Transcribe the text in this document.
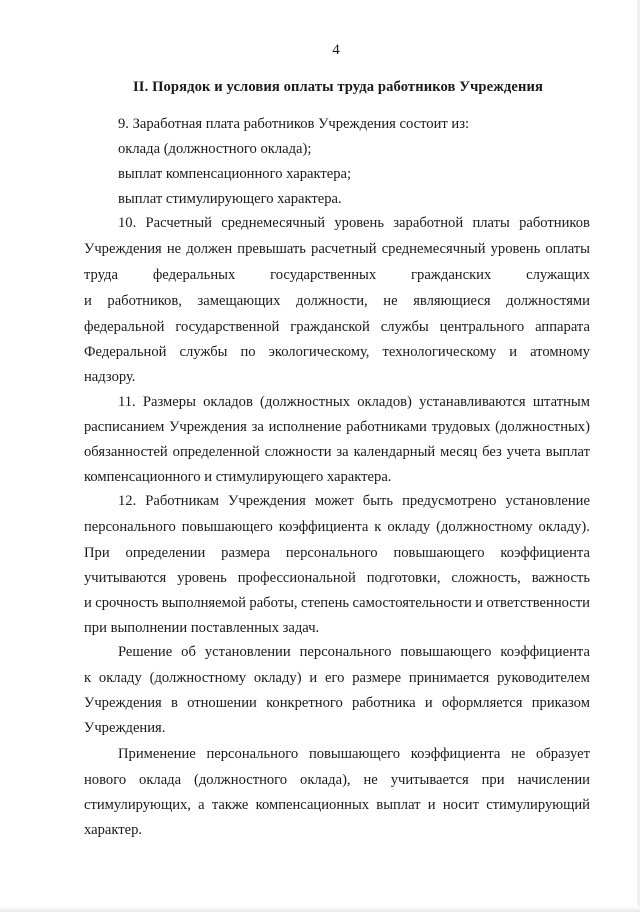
4
II. Порядок и условия оплаты труда работников Учреждения
9. Заработная плата работников Учреждения состоит из:
оклада (должностного оклада);
выплат компенсационного характера;
выплат стимулирующего характера.
10. Расчетный среднемесячный уровень заработной платы работников
Учреждения не должен превышать расчетный среднемесячный уровень оплаты
труда федеральных государственных гражданских служащих
и работников, замещающих должности, не являющиеся должностями
федеральной государственной гражданской службы центрального аппарата
Федеральной службы по экологическому, технологическому и атомному
надзору.
11. Размеры окладов (должностных окладов) устанавливаются штатным
расписанием Учреждения за исполнение работниками трудовых (должностных)
обязанностей определенной сложности за календарный месяц без учета выплат
компенсационного и стимулирующего характера.
12. Работникам Учреждения может быть предусмотрено установление
персонального повышающего коэффициента к окладу (должностному окладу).
При определении размера персонального повышающего коэффициента
учитываются уровень профессиональной подготовки, сложность, важность
и срочность выполняемой работы, степень самостоятельности и ответственности
при выполнении поставленных задач.
Решение об установлении персонального повышающего коэффициента
к окладу (должностному окладу) и его размере принимается руководителем
Учреждения в отношении конкретного работника и оформляется приказом
Учреждения.
Применение персонального повышающего коэффициента не образует
нового оклада (должностного оклада), не учитывается при начислении
стимулирующих, а также компенсационных выплат и носит стимулирующий
характер.
